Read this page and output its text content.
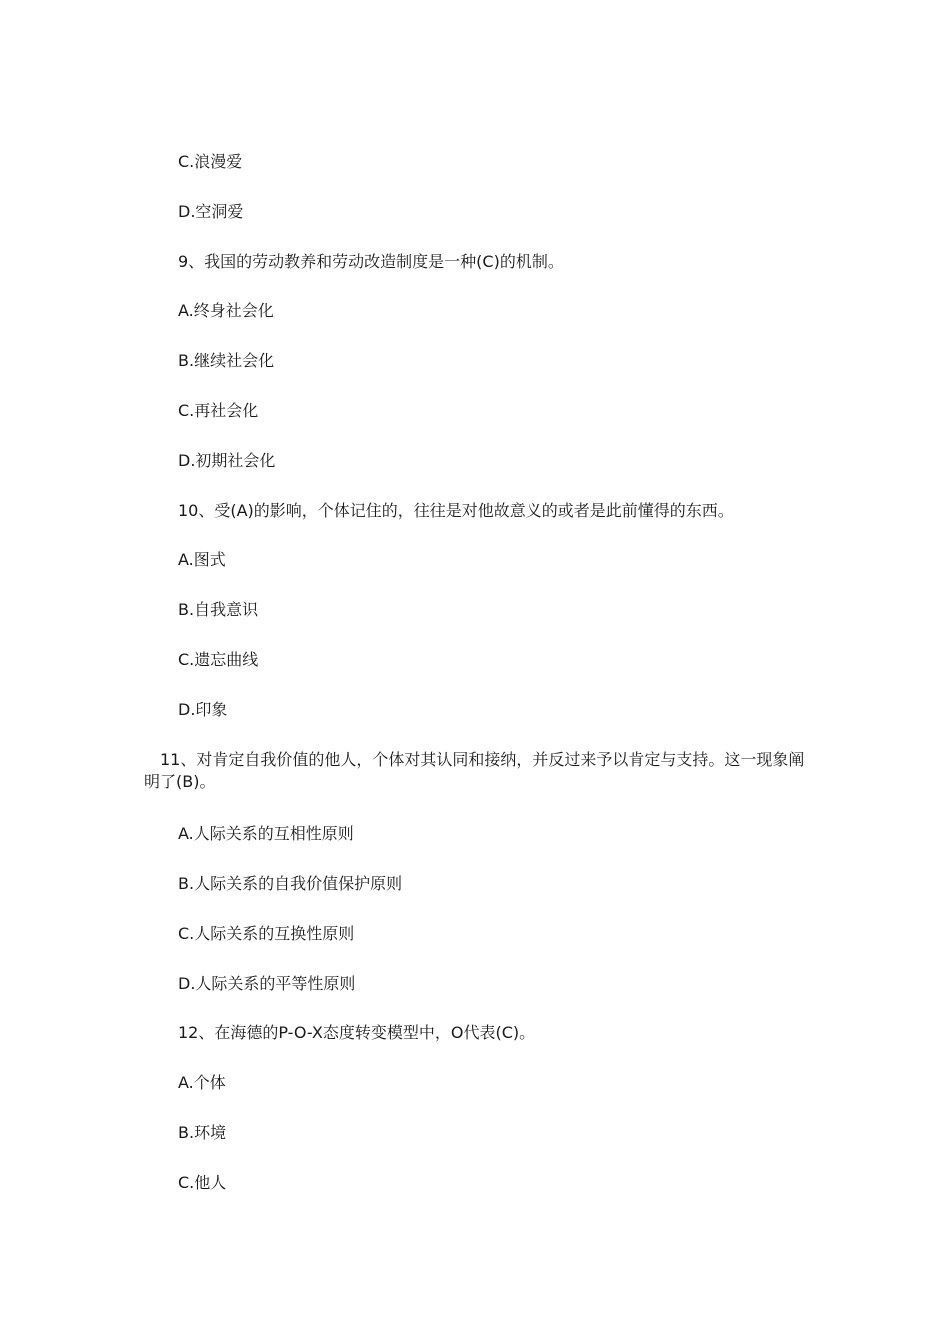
C.浪漫爱
D.空洞爱
9、我国的劳动教养和劳动改造制度是一种(C)的机制。
A.终身社会化
B.继续社会化
C.再社会化
D.初期社会化
10、受(A)的影响，个体记住的，往往是对他故意义的或者是此前懂得的东西。
A.图式
B.自我意识
C.遗忘曲线
D.印象
11、对肯定自我价值的他人，个体对其认同和接纳，并反过来予以肯定与支持。这一现象阐明了(B)。
A.人际关系的互相性原则
B.人际关系的自我价值保护原则
C.人际关系的互换性原则
D.人际关系的平等性原则
12、在海德的P-O-X态度转变模型中，O代表(C)。
A.个体
B.环境
C.他人
